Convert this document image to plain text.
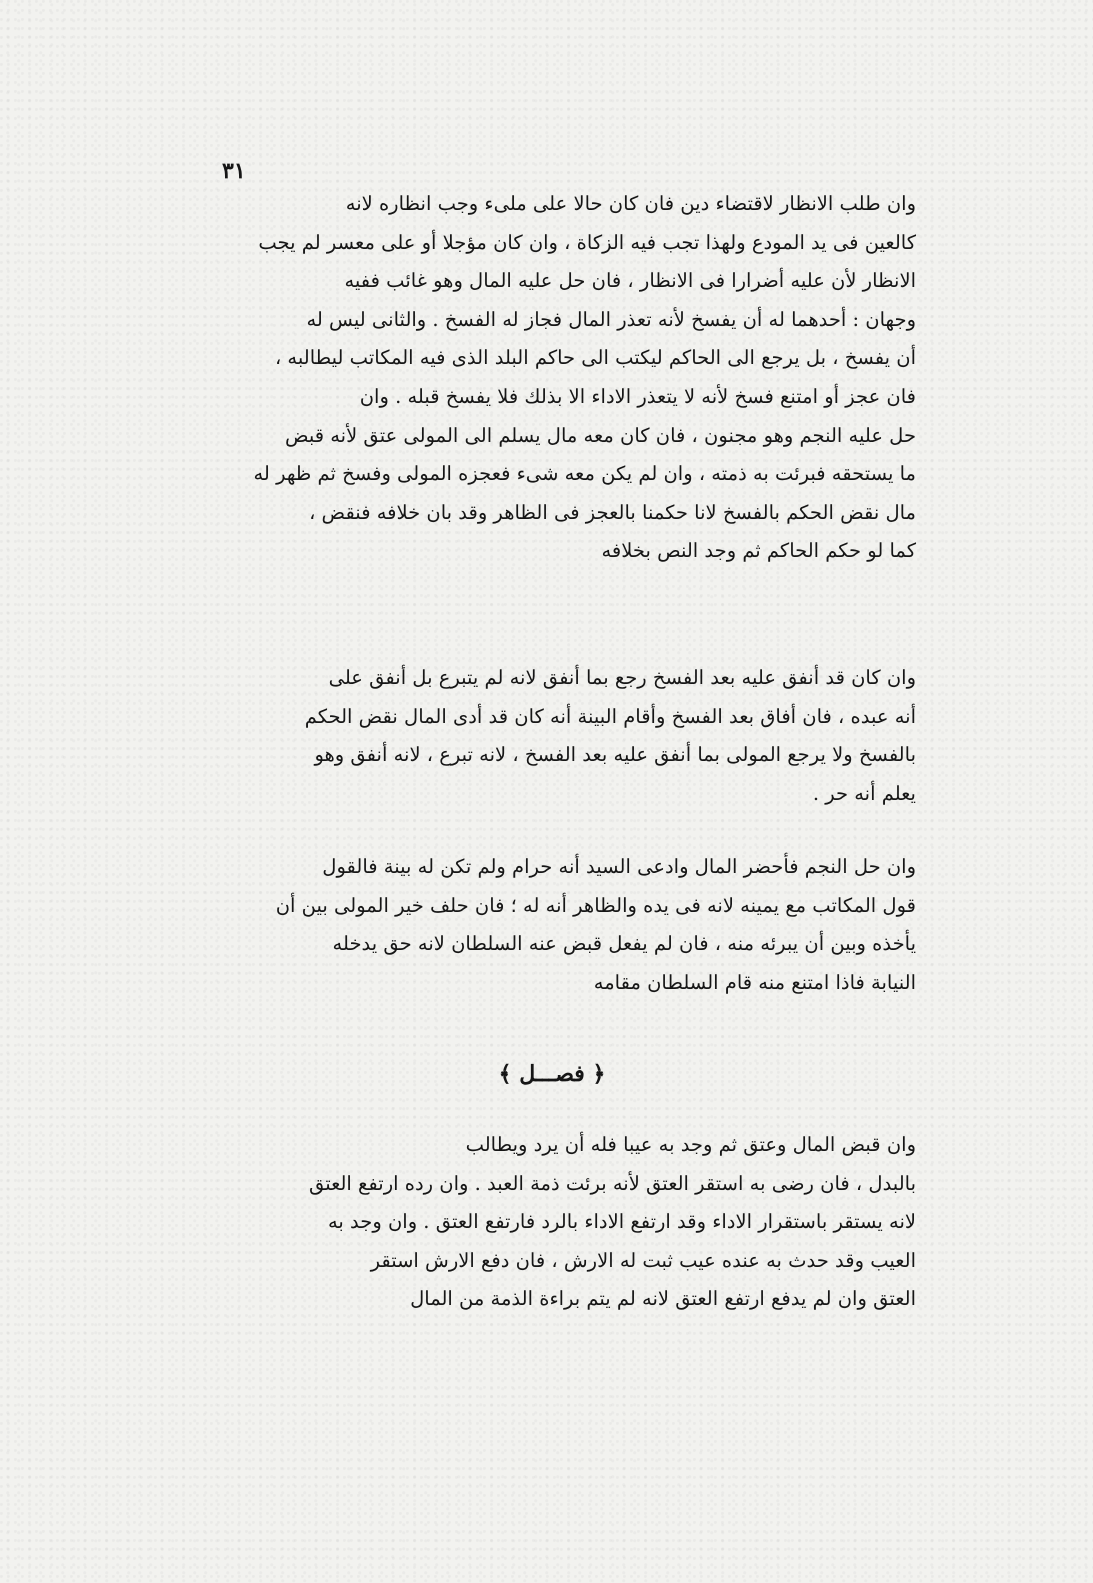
٣١
وان طلب الانظار لاقتضاء دين فان كان حالا على ملىء وجب انظاره لانه
كالعين فى يد المودع ولهذا تجب فيه الزكاة ، وان كان مؤجلا أو على معسر لم يجب
الانظار لأن عليه أضرارا فى الانظار ، فان حل عليه المال وهو غائب ففيه
وجهان : أحدهما له أن يفسخ لأنه تعذر المال فجاز له الفسخ . والثانى ليس له
أن يفسخ ، بل يرجع الى الحاكم ليكتب الى حاكم البلد الذى فيه المكاتب ليطالبه ،
فان عجز أو امتنع فسخ لأنه لا يتعذر الاداء الا بذلك فلا يفسخ قبله . وان
حل عليه النجم وهو مجنون ، فان كان معه مال يسلم الى المولى عتق لأنه قبض
ما يستحقه فبرئت به ذمته ، وان لم يكن معه شىء فعجزه المولى وفسخ ثم ظهر له
مال نقض الحكم بالفسخ لانا حكمنا بالعجز فى الظاهر وقد بان خلافه فنقض ،
كما لو حكم الحاكم ثم وجد النص بخلافه
وان كان قد أنفق عليه بعد الفسخ رجع بما أنفق لانه لم يتبرع بل أنفق على
أنه عبده ، فان أفاق بعد الفسخ وأقام البينة أنه كان قد أدى المال نقض الحكم
بالفسخ ولا يرجع المولى بما أنفق عليه بعد الفسخ ، لانه تبرع ، لانه أنفق وهو
يعلم أنه حر .
وان حل النجم فأحضر المال وادعى السيد أنه حرام ولم تكن له بينة فالقول
قول المكاتب مع يمينه لانه فى يده والظاهر أنه له ؛ فان حلف خير المولى بين أن
يأخذه وبين أن يبرئه منه ، فان لم يفعل قبض عنه السلطان لانه حق يدخله
النيابة فاذا امتنع منه قام السلطان مقامه
﴿ فصـــل ﴾
وان قبض المال وعتق ثم وجد به عيبا فله أن يرد ويطالب
بالبدل ، فان رضى به استقر العتق لأنه برئت ذمة العبد . وان رده ارتفع العتق
لانه يستقر باستقرار الاداء وقد ارتفع الاداء بالرد فارتفع العتق . وان وجد به
العيب وقد حدث به عنده عيب ثبت له الارش ، فان دفع الارش استقر
العتق وان لم يدفع ارتفع العتق لانه لم يتم براءة الذمة من المال
